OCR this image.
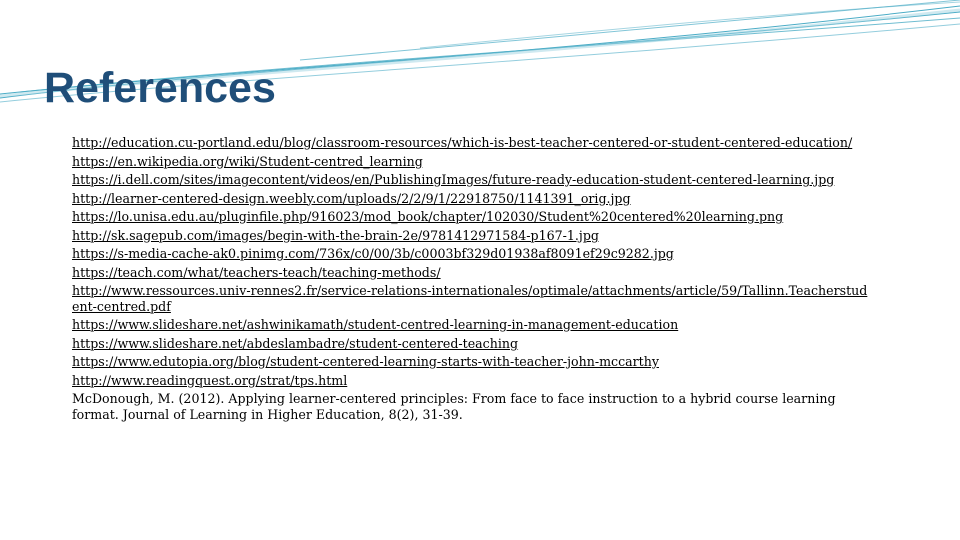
References
http://education.cu-portland.edu/blog/classroom-resources/which-is-best-teacher-centered-or-student-centered-education/
https://en.wikipedia.org/wiki/Student-centred_learning
https://i.dell.com/sites/imagecontent/videos/en/PublishingImages/future-ready-education-student-centered-learning.jpg
http://learner-centered-design.weebly.com/uploads/2/2/9/1/22918750/1141391_orig.jpg
https://lo.unisa.edu.au/pluginfile.php/916023/mod_book/chapter/102030/Student%20centered%20learning.png
http://sk.sagepub.com/images/begin-with-the-brain-2e/9781412971584-p167-1.jpg
https://s-media-cache-ak0.pinimg.com/736x/c0/00/3b/c0003bf329d01938af8091ef29c9282.jpg
https://teach.com/what/teachers-teach/teaching-methods/
http://www.ressources.univ-rennes2.fr/service-relations-internationales/optimale/attachments/article/59/Tallinn.Teacherstudent-centred.pdf
https://www.slideshare.net/ashwinikamath/student-centred-learning-in-management-education
https://www.slideshare.net/abdeslambadre/student-centered-teaching
https://www.edutopia.org/blog/student-centered-learning-starts-with-teacher-john-mccarthy
http://www.readingquest.org/strat/tps.html
McDonough, M. (2012). Applying learner-centered principles: From face to face instruction to a hybrid course learning format. Journal of Learning in Higher Education, 8(2), 31-39.
